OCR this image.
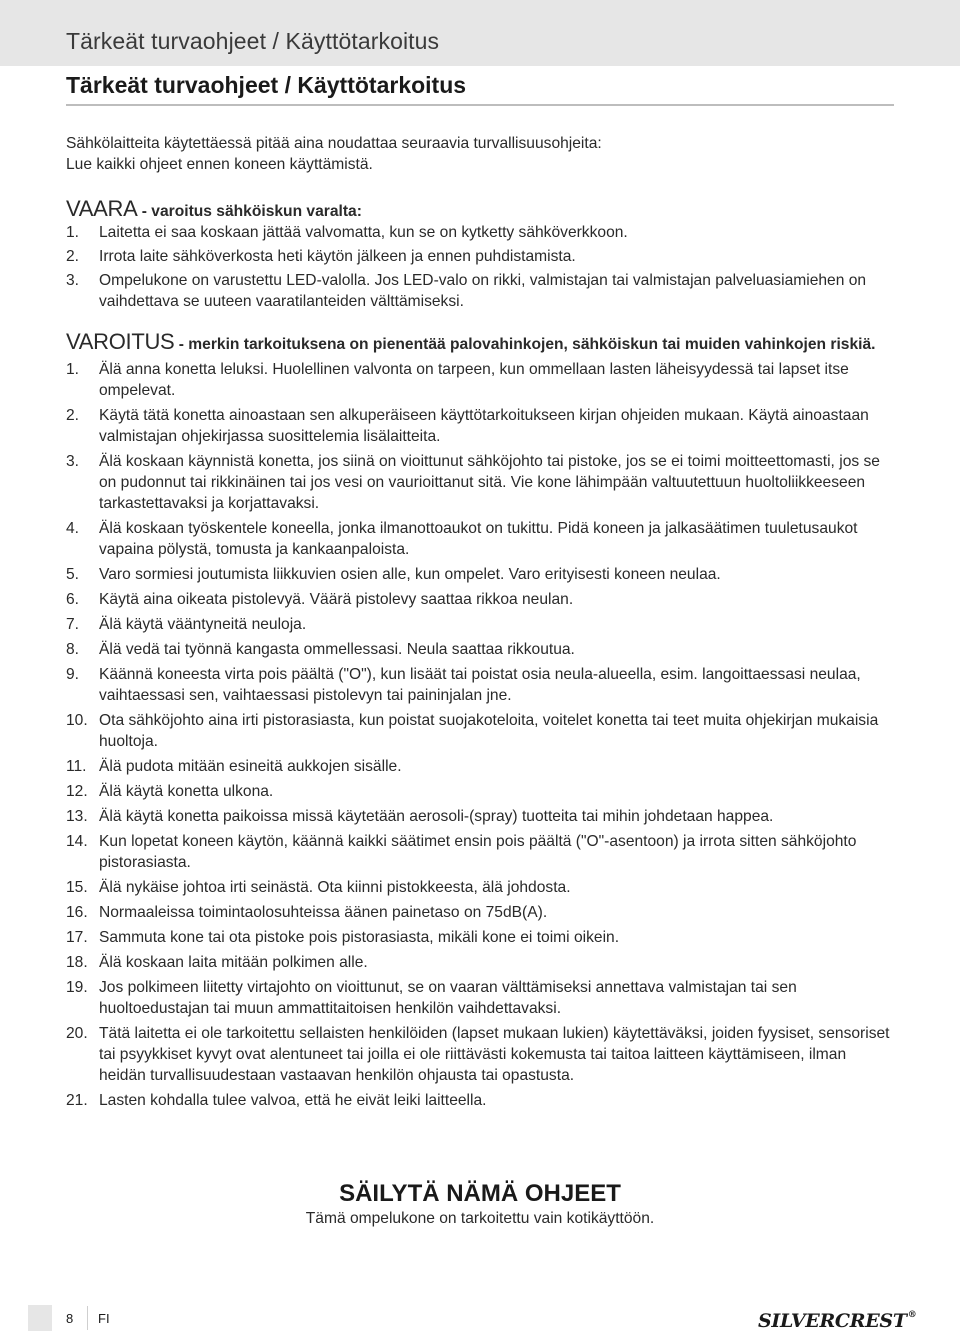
Tärkeät turvaohjeet / Käyttötarkoitus
Tärkeät turvaohjeet / Käyttötarkoitus

Sähkölaitteita käytettäessä pitää aina noudattaa seuraavia turvallisuusohjeita:

Lue kaikki ohjeet ennen koneen käyttämistä.

VAARA - varoitus sähköiskun varalta:

1.	Laitetta ei saa koskaan jättää valvomatta, kun se on kytketty sähköverkkoon.
2.	Irrota laite sähköverkosta heti käytön jälkeen ja ennen puhdistamista.
3.	Ompelukone on varustettu LED-valolla. Jos LED-valo on rikki, valmistajan tai valmistajan palveluasiamiehen on vaihdettava se uuteen vaaratilanteiden välttämiseksi.

VAROITUS - merkin tarkoituksena on pienentää palovahinkojen, sähköiskun tai muiden vahinkojen riskiä.

1.	Älä anna konetta leluksi. Huolellinen valvonta on tarpeen, kun ommellaan lasten läheisyydessä tai lapset itse ompelevat.
2.	Käytä tätä konetta ainoastaan sen alkuperäiseen käyttötarkoitukseen kirjan ohjeiden mukaan. Käytä ainoastaan valmistajan ohjekirjassa suosittelemia lisälaitteita.
3.	Älä koskaan käynnistä konetta, jos siinä on vioittunut sähköjohto tai pistoke, jos se ei toimi moitteettomasti, jos se on pudonnut tai rikkinäinen tai jos vesi on vaurioittanut sitä. Vie kone lähimpään valtuutettuun huoltoliikkeeseen tarkastettavaksi ja korjattavaksi.
4.	Älä koskaan työskentele koneella, jonka ilmanottoaukot on tukittu. Pidä koneen ja jalkasäätimen tuuletusaukot vapaina pölystä, tomusta ja kankaanpaloista.
5.	Varo sormiesi joutumista liikkuvien osien alle, kun ompelet. Varo erityisesti koneen neulaa.
6.	Käytä aina oikeata pistolevyä. Väärä pistolevy saattaa rikkoa neulan.
7.	Älä käytä vääntyneitä neuloja.
8.	Älä vedä tai työnnä kangasta ommellessasi. Neula saattaa rikkoutua.
9.	Käännä koneesta virta pois päältä ("O"), kun lisäät tai poistat osia neula-alueella, esim. langoittaessasi neulaa, vaihtaessasi sen, vaihtaessasi pistolevyn tai paininjalan jne.
10. Ota sähköjohto aina irti pistorasiasta, kun poistat suojakoteloita, voitelet konetta tai teet muita ohjekirjan mukaisia huoltoja.
11. Älä pudota mitään esineitä aukkojen sisälle.
12. Älä käytä konetta ulkona.
13. Älä käytä konetta paikoissa missä käytetään aerosoli-(spray) tuotteita tai mihin johdetaan happea.
14. Kun lopetat koneen käytön, käännä kaikki säätimet ensin pois päältä ("O"-asentoon) ja irrota sitten sähköjohto pistorasiasta.
15. Älä nykäise johtoa irti seinästä. Ota kiinni pistokkeesta, älä johdosta.
16. Normaaleissa toimintaolosuhteissa äänen painetaso on 75dB(A).
17. Sammuta kone tai ota pistoke pois pistorasiasta, mikäli kone ei toimi oikein.
18. Älä koskaan laita mitään polkimen alle.
19. Jos polkimeen liitetty virtajohto on vioittunut, se on vaaran välttämiseksi annettava valmistajan tai sen huoltoedustajan tai muun ammattitaitoisen henkilön vaihdettavaksi.
20. Tätä laitetta ei ole tarkoitettu sellaisten henkilöiden (lapset mukaan lukien) käytettäväksi, joiden fyysiset, sensoriset tai psyykkiset kyvyt ovat alentuneet tai joilla ei ole riittävästi kokemusta tai taitoa laitteen käyttämiseen, ilman heidän turvallisuudestaan vastaavan henkilön ohjausta tai opastusta.
21. Lasten kohdalla tulee valvoa, että he eivät leiki laitteella.
SÄILYTÄ NÄMÄ OHJEET
Tämä ompelukone on tarkoitettu vain kotikäyttöön.
8 FI	SILVERCREST®
